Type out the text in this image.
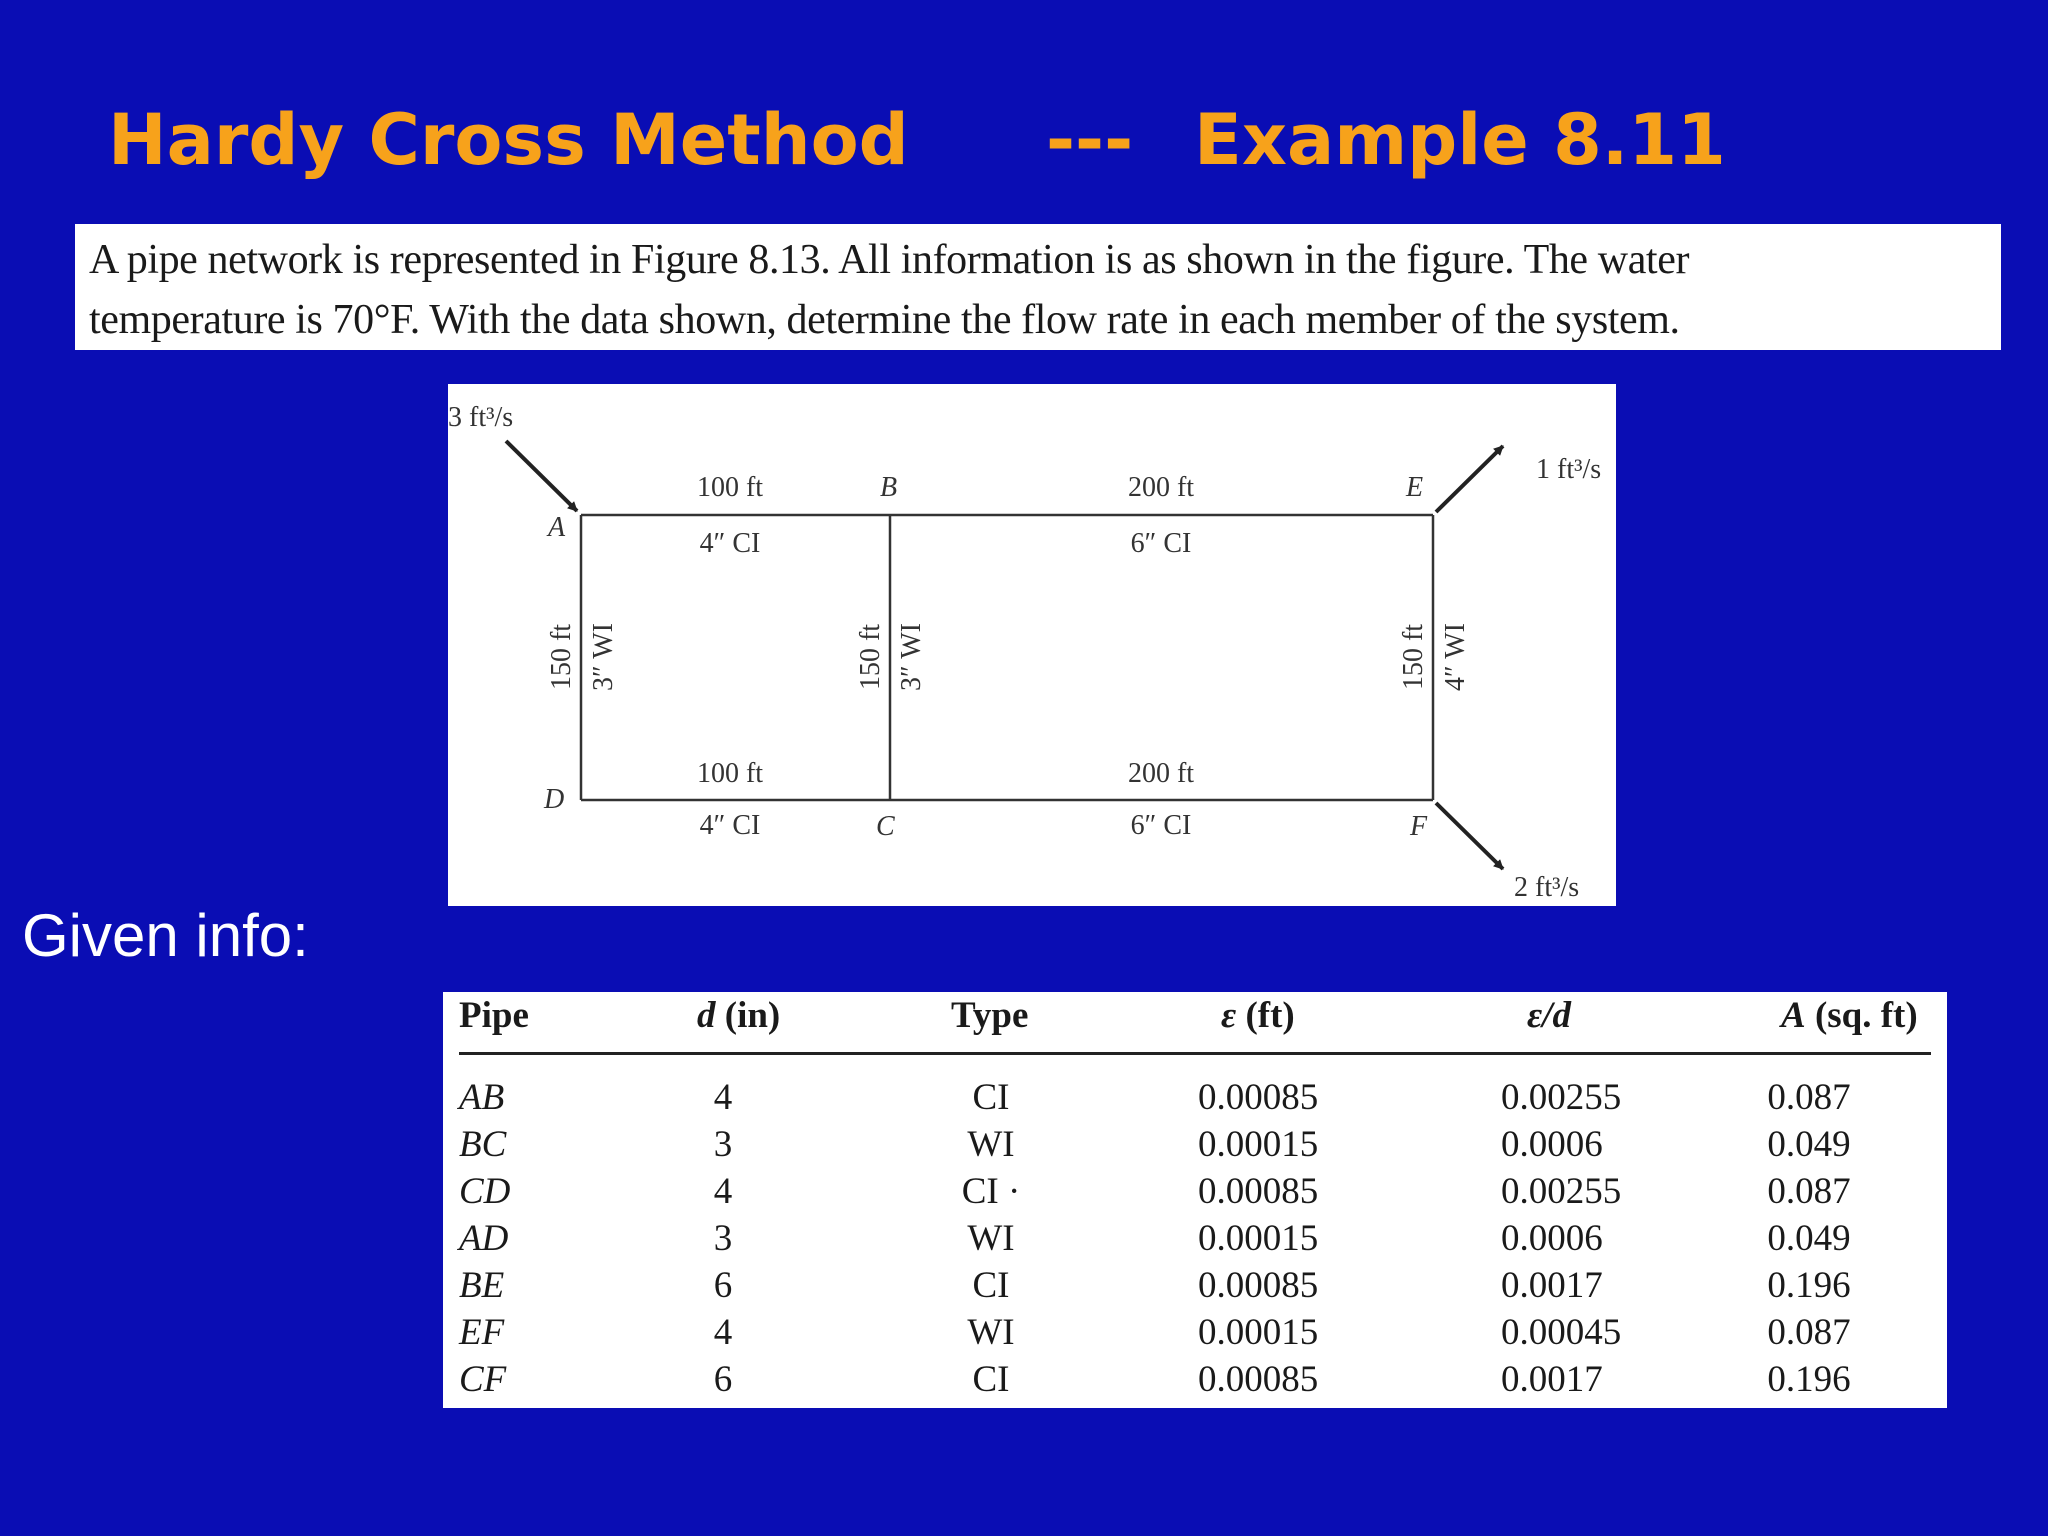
Hardy Cross Method --- Example 8.11
A pipe network is represented in Figure 8.13. All information is as shown in the figure. The water
temperature is 70°F. With the data shown, determine the flow rate in each member of the system.
3 ft³/s
1 ft³/s
2 ft³/s
A
B
C
D
E
F
100 ft
4″ CI
200 ft
6″ CI
100 ft
4″ CI
200 ft
6″ CI
150 ft 3″ WI	150 ft 3″ WI	150 ft 4″ WI
Given info:
Pipe	d (in)	Type	ε (ft)	ε/d	A (sq. ft)
AB	4	CI	0.00085	0.00255	0.087
BC	3	WI	0.00015	0.0006	0.049
CD	4	CI ·	0.00085	0.00255	0.087
AD	3	WI	0.00015	0.0006	0.049
BE	6	CI	0.00085	0.0017	0.196
EF	4	WI	0.00015	0.00045	0.087
CF	6	CI	0.00085	0.0017	0.196
